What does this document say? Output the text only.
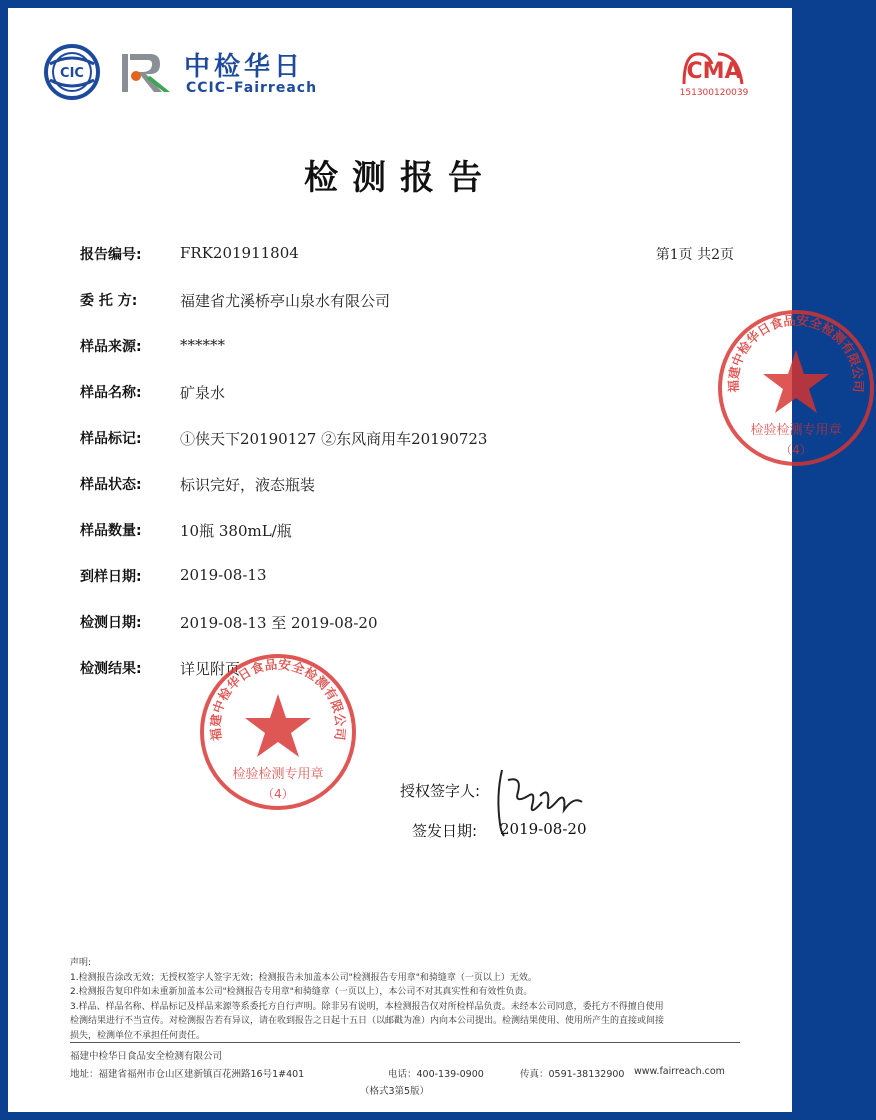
CIC	中检华日
CCIC–Fairreach
CMA
151300120039
检测报告
第1页 共2页
报告编号:	FRK201911804
委 托 方:	福建省尤溪桥亭山泉水有限公司
样品来源:	******
样品名称:	矿泉水
样品标记:	①侠天下20190127 ②东风商用车20190723
样品状态:	标识完好，液态瓶装
样品数量:	10瓶 380mL/瓶
到样日期:	2019-08-13
检测日期:	2019-08-13 至 2019-08-20
检测结果:	详见附页
福建中检华日食品安全检测有限公司
检验检测专用章
（4）
福建中检华日食品安全检测有限公司
检验检测专用章
（4）
授权签字人:
签发日期: 2019-08-20
声明:
1.检测报告涂改无效；无授权签字人签字无效；检测报告未加盖本公司"检测报告专用章"和骑缝章（一页以上）无效。
2.检测报告复印件如未重新加盖本公司"检测报告专用章"和骑缝章（一页以上），本公司不对其真实性和有效性负责。
3.样品、样品名称、样品标记及样品来源等系委托方自行声明。除非另有说明，本检测报告仅对所检样品负责。未经本公司同意，委托方不得擅自使用
检测结果进行不当宣传。对检测报告若有异议，请在收到报告之日起十五日（以邮戳为准）内向本公司提出。检测结果使用、使用所产生的直接或间接
损失，检测单位不承担任何责任。
福建中检华日食品安全检测有限公司
地址：福建省福州市仓山区建新镇百花洲路16号1#401	电话：400-139-0900	传真：0591-38132900 www.fairreach.com
（格式3第5版）
